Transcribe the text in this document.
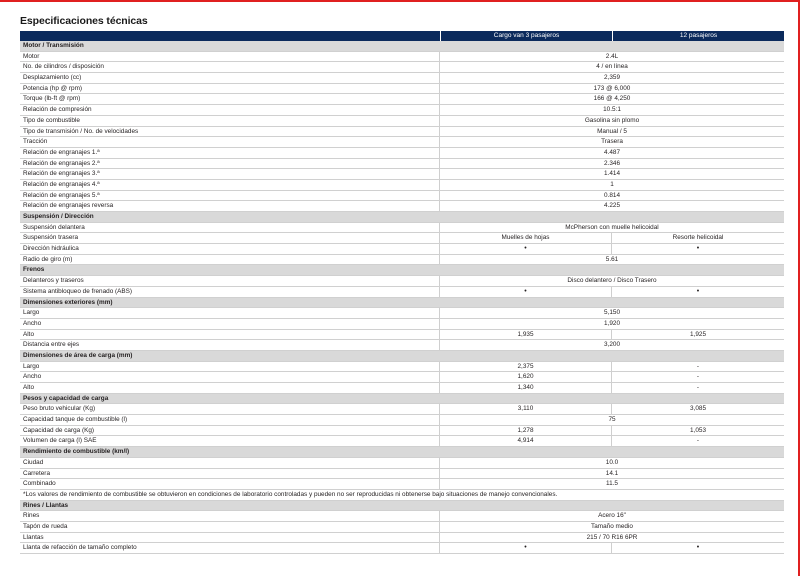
Especificaciones técnicas
Cargo van 3 pasajeros	12 pasajeros
Motor / Transmisión
Motor	2.4L
No. de cilindros / disposición	4 / en línea
Desplazamiento (cc)	2,359
Potencia (hp @ rpm)	173 @ 6,000
Torque (lb-ft @ rpm)	166 @ 4,250
Relación de compresión	10.5:1
Tipo de combustible	Gasolina sin plomo
Tipo de transmisión / No. de velocidades	Manual / 5
Tracción	Trasera
Relación de engranajes 1.ª	4.487
Relación de engranajes 2.ª	2.346
Relación de engranajes 3.ª	1.414
Relación de engranajes 4.ª	1
Relación de engranajes 5.ª	0.814
Relación de engranajes reversa	4.225
Suspensión / Dirección
Suspensión delantera	McPherson con muelle helicoidal
Suspensión trasera	Muelles de hojas	Resorte helicoidal
Dirección hidráulica	•	•
Radio de giro (m)	5.61
Frenos
Delanteros y traseros	Disco delantero / Disco Trasero
Sistema antibloqueo de frenado (ABS)	•	•
Dimensiones exteriores (mm)
Largo	5,150
Ancho	1,920
Alto	1,935	1,925
Distancia entre ejes	3,200
Dimensiones de área de carga (mm)
Largo	2,375	-
Ancho	1,620	-
Alto	1,340	-
Pesos y capacidad de carga
Peso bruto vehicular (Kg)	3,110	3,085
Capacidad tanque de combustible (l)	75
Capacidad de carga (Kg)	1,278	1,053
Volumen de carga (l) SAE	4,914	-
Rendimiento de combustible (km/l)
Ciudad	10.0
Carretera	14.1
Combinado	11.5
*Los valores de rendimiento de combustible se obtuvieron en condiciones de laboratorio controladas y pueden no ser reproducidas ni obtenerse bajo situaciones de manejo convencionales.
Rines / Llantas
Rines	Acero 16"
Tapón de rueda	Tamaño medio
Llantas	215 / 70 R16 6PR
Llanta de refacción de tamaño completo	•	•
